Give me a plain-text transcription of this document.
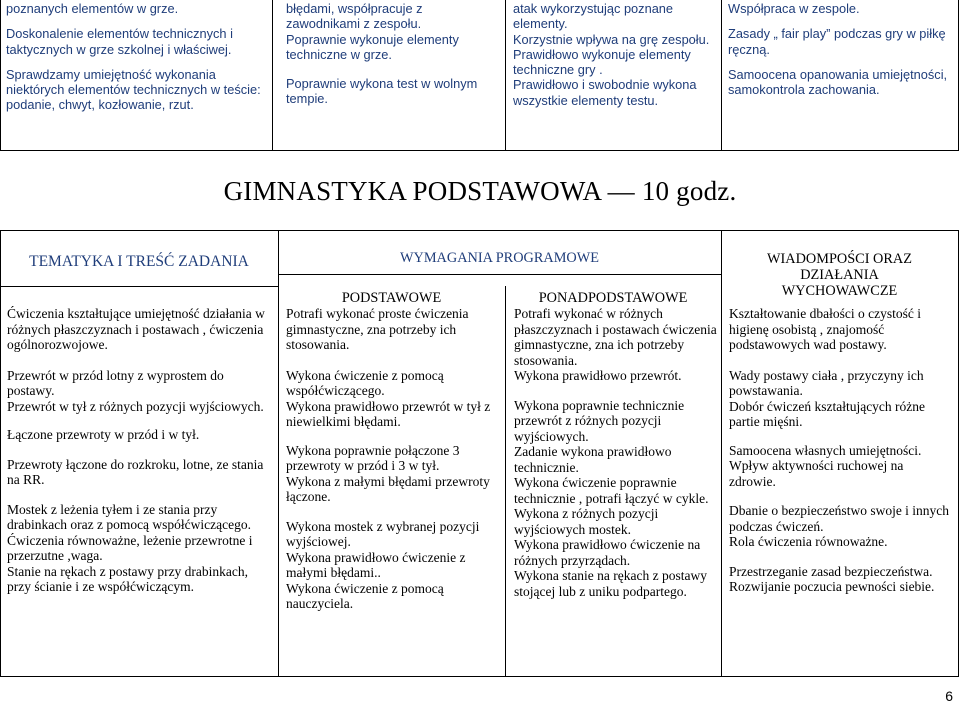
poznanych elementów w grze.

Doskonalenie elementów technicznych i taktycznych w grze szkolnej i właściwej.

Sprawdzamy umiejętność wykonania niektórych elementów technicznych w teście: podanie, chwyt, kozłowanie, rzut.

błędami, współpracuje z zawodnikami z zespołu.

Poprawnie wykonuje elementy techniczne w grze.

Poprawnie wykona test w wolnym tempie.

atak wykorzystując poznane elementy.

Korzystnie wpływa na grę zespołu.

Prawidłowo wykonuje elementy techniczne gry .

Prawidłowo i swobodnie wykona wszystkie elementy testu.

Współpraca w zespole.

Zasady „ fair play” podczas gry w piłkę ręczną.

Samoocena opanowania umiejętności, samokontrola zachowania.

GIMNASTYKA PODSTAWOWA — 10 godz.

TEMATYKA I TREŚĆ ZADANIA	WYMAGANIA PROGRAMOWE

PODSTAWOWE	PONADPODSTAWOWE

WIADOMPOŚCI ORAZ DZIAŁANIA WYCHOWAWCZE

Ćwiczenia kształtujące umiejętność działania w różnych płaszczyznach i postawach , ćwiczenia ogólnorozwojowe.

Przewrót w przód lotny z wyprostem do postawy.

Przewrót w tył z różnych pozycji wyjściowych.

Łączone przewroty w przód i w tył.

Przewroty łączone do rozkroku, lotne, ze stania na RR.

Mostek z leżenia tyłem i ze stania przy drabinkach oraz z pomocą współćwiczącego.

Ćwiczenia równoważne, leżenie przewrotne i przerzutne ,waga.

Stanie na rękach z postawy przy drabinkach, przy ścianie i ze współćwiczącym.

Potrafi wykonać proste ćwiczenia gimnastyczne, zna potrzeby ich stosowania.

Wykona ćwiczenie z pomocą współćwiczącego.

Wykona prawidłowo przewrót w tył z niewielkimi błędami.

Wykona poprawnie połączone 3 przewroty w przód i 3 w tył.

Wykona z małymi błędami przewroty łączone.

Wykona mostek z wybranej pozycji wyjściowej.

Wykona prawidłowo ćwiczenie z małymi błędami..

Wykona ćwiczenie z pomocą nauczyciela.

Potrafi wykonać w różnych płaszczyznach i postawach ćwiczenia gimnastyczne, zna ich potrzeby stosowania.

Wykona prawidłowo przewrót.

Wykona poprawnie technicznie przewrót z różnych pozycji wyjściowych.

Zadanie wykona prawidłowo technicznie.

Wykona ćwiczenie poprawnie technicznie , potrafi łączyć w cykle.

Wykona z różnych pozycji wyjściowych mostek.

Wykona prawidłowo ćwiczenie na różnych przyrządach.

Wykona stanie na rękach z postawy stojącej lub z uniku podpartego.

Kształtowanie dbałości o czystość i higienę osobistą , znajomość podstawowych wad postawy.

Wady postawy ciała , przyczyny ich powstawania.

Dobór ćwiczeń kształtujących różne partie mięśni.

Samoocena własnych umiejętności.

Wpływ aktywności ruchowej na zdrowie.

Dbanie o bezpieczeństwo swoje i innych podczas ćwiczeń.

Rola ćwiczenia równoważne.

Przestrzeganie zasad bezpieczeństwa. Rozwijanie poczucia pewności siebie.

6
